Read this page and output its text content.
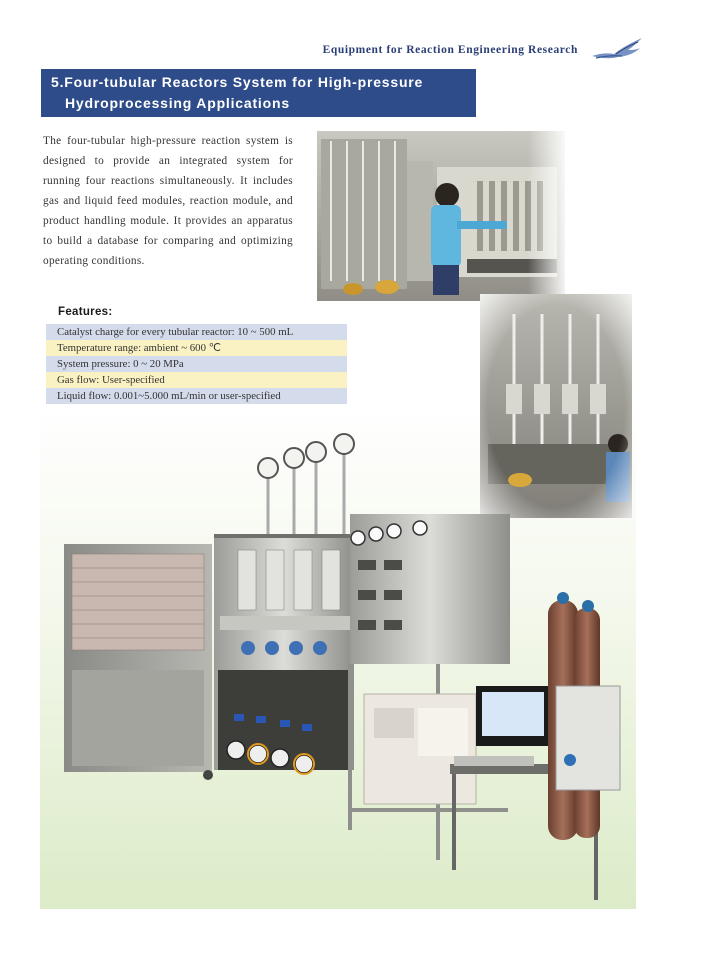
Equipment for Reaction Engineering Research
5.Four-tubular Reactors System for High-pressure
Hydroprocessing Applications
The four-tubular high-pressure reaction system is designed to provide an integrated system for running four reactions simultaneously. It includes gas and liquid feed modules, reaction module, and product handling module. It provides an apparatus to build a database for comparing and optimizing operating conditions.
Features:
Catalyst charge for every tubular reactor: 10 ~ 500 mL
Temperature range: ambient ~ 600 ℃
System pressure: 0 ~ 20 MPa
Gas flow: User-specified
Liquid flow: 0.001~5.000 mL/min or user-specified
